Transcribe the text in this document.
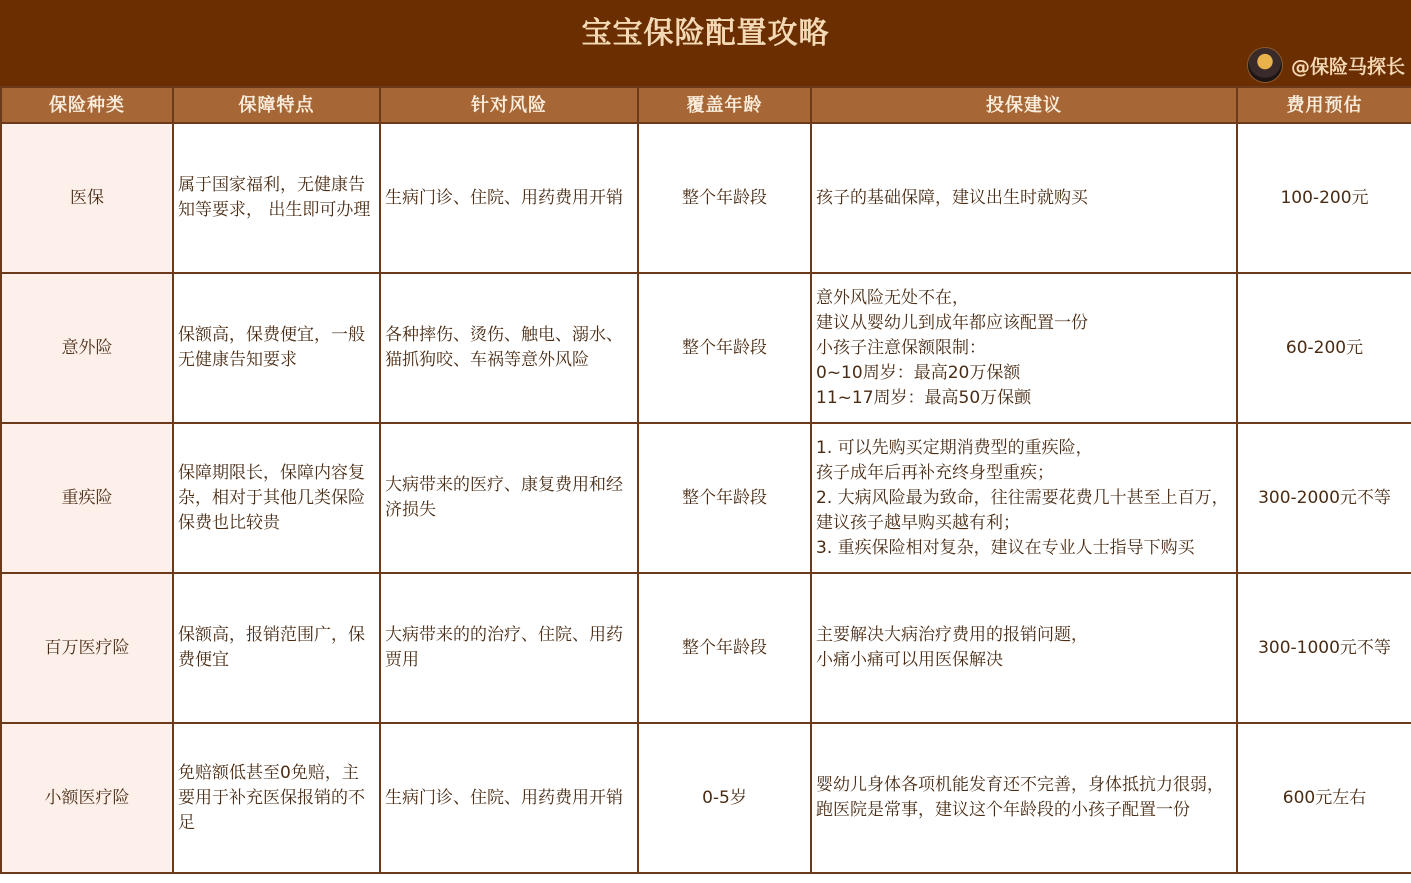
宝宝保险配置攻略
@保险马探长
保险种类	保障特点	针对风险	覆盖年龄	投保建议	费用预估
医保	属于国家福利，无健康告知等要求， 出生即可办理	生病门诊、住院、用药费用开销	整个年龄段	孩子的基础保障，建议出生时就购买	100-200元
意外险	保额高，保费便宜，一般无健康告知要求	各种摔伤、烫伤、触电、溺水、猫抓狗咬、车祸等意外风险	整个年龄段	意外风险无处不在，
建议从婴幼儿到成年都应该配置一份
小孩子注意保额限制：
0~10周岁：最高20万保额
11~17周岁：最高50万保颤	60-200元
重疾险	保障期限长，保障内容复杂，相对于其他几类保险保费也比较贵	大病带来的医疗、康复费用和经济损失	整个年龄段	1. 可以先购买定期消费型的重疾险，
孩子成年后再补充终身型重疾；
2. 大病风险最为致命，往往需要花费几十甚至上百万，建议孩子越早购买越有利；
3. 重疾保险相对复杂，建议在专业人士指导下购买	300-2000元不等
百万医疗险	保额高，报销范围广，保费便宜	大病带来的的治疗、住院、用药贾用	整个年龄段	主要解决大病治疗费用的报销问题，
小痛小痛可以用医保解决	300-1000元不等
小额医疗险	免赔额低甚至0免赔，主要用于补充医保报销的不足	生病门诊、住院、用药费用开销	0-5岁	婴幼儿身体各项机能发育还不完善，身体抵抗力很弱， 跑医院是常事，建议这个年龄段的小孩子配置一份	600元左右
